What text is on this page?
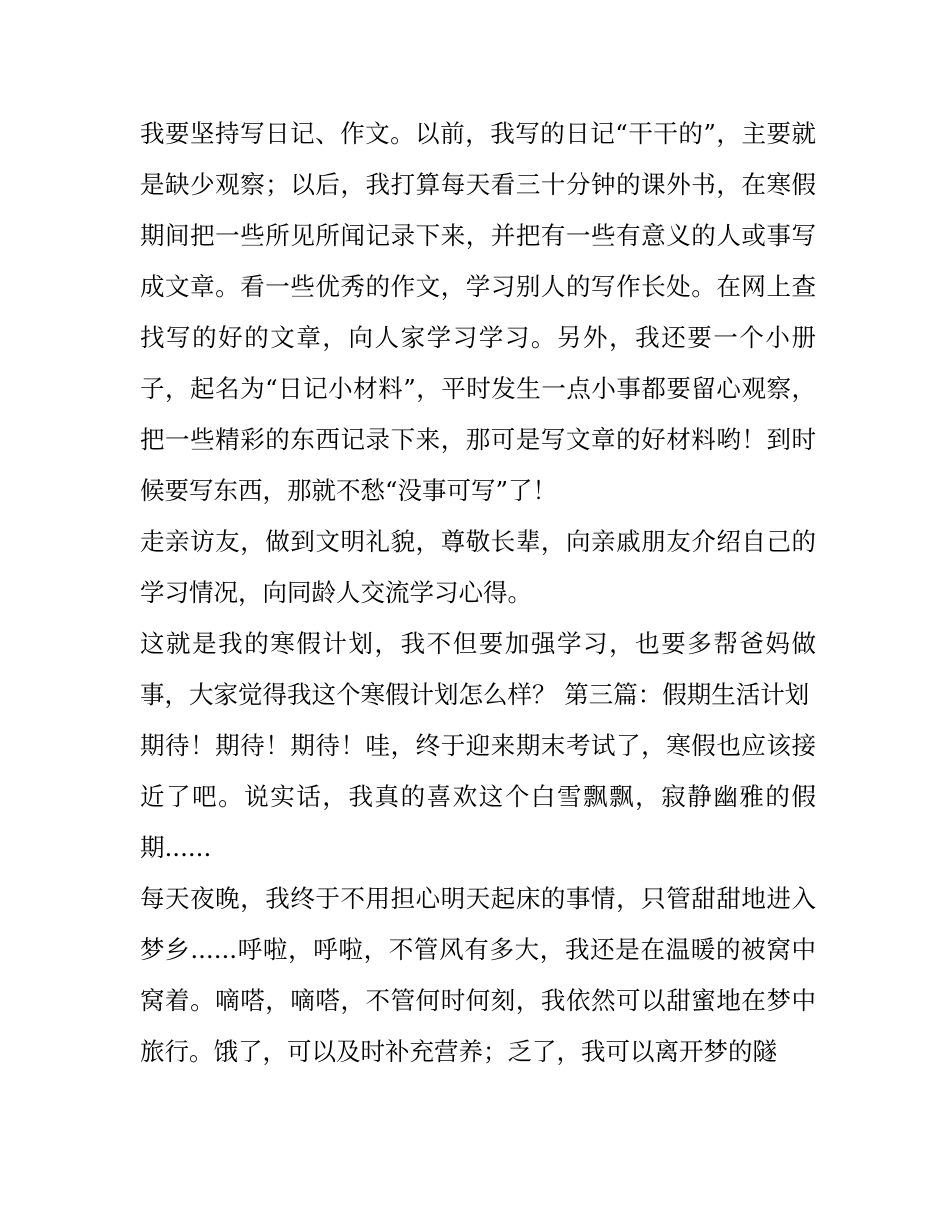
我要坚持写日记、作文。以前，我写的日记“干干的”，主要就是缺少观察；以后，我打算每天看三十分钟的课外书，在寒假期间把一些所见所闻记录下来，并把有一些有意义的人或事写成文章。看一些优秀的作文，学习别人的写作长处。在网上查找写的好的文章，向人家学习学习。另外，我还要一个小册子，起名为“日记小材料”，平时发生一点小事都要留心观察，把一些精彩的东西记录下来，那可是写文章的好材料哟！到时候要写东西，那就不愁“没事可写”了！

走亲访友，做到文明礼貌，尊敬长辈，向亲戚朋友介绍自己的学习情况，向同龄人交流学习心得。

这就是我的寒假计划，我不但要加强学习，也要多帮爸妈做事，大家觉得我这个寒假计划怎么样？ 第三篇：假期生活计划

期待！期待！期待！哇，终于迎来期末考试了，寒假也应该接近了吧。说实话，我真的喜欢这个白雪飘飘，寂静幽雅的假期......

每天夜晚，我终于不用担心明天起床的事情，只管甜甜地进入梦乡......呼啦，呼啦，不管风有多大，我还是在温暖的被窝中窝着。嘀嗒，嘀嗒，不管何时何刻，我依然可以甜蜜地在梦中旅行。饿了，可以及时补充营养；乏了，我可以离开梦的隧
